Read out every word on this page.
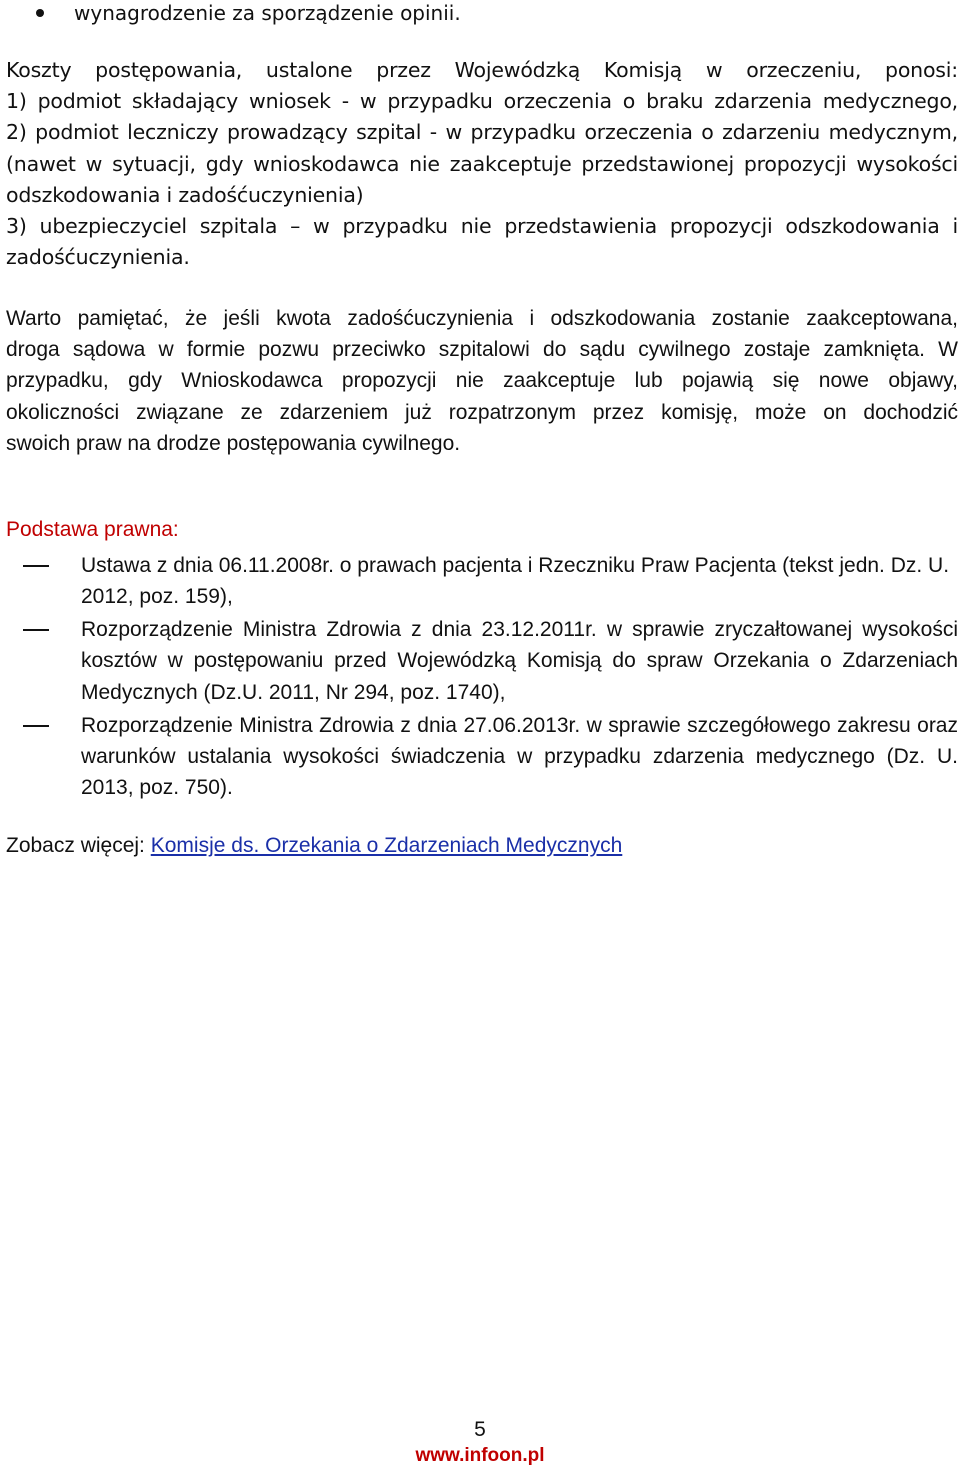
wynagrodzenie za sporządzenie opinii.
Koszty postępowania, ustalone przez Wojewódzką Komisją w orzeczeniu, ponosi:
1) podmiot składający wniosek - w przypadku orzeczenia o braku zdarzenia medycznego,
2) podmiot leczniczy prowadzący szpital - w przypadku orzeczenia o zdarzeniu medycznym,
(nawet w sytuacji, gdy wnioskodawca nie zaakceptuje przedstawionej propozycji wysokości
odszkodowania i zadośćuczynienia)
3) ubezpieczyciel szpitala – w przypadku nie przedstawienia propozycji odszkodowania i
zadośćuczynienia.
Warto pamiętać, że jeśli kwota zadośćuczynienia i odszkodowania zostanie zaakceptowana,
droga sądowa w formie pozwu przeciwko szpitalowi do sądu cywilnego zostaje zamknięta. W
przypadku, gdy Wnioskodawca propozycji nie zaakceptuje lub pojawią się nowe objawy,
okoliczności związane ze zdarzeniem już rozpatrzonym przez komisję, może on dochodzić
swoich praw na drodze postępowania cywilnego.
Podstawa prawna:
Ustawa z dnia 06.11.2008r. o prawach pacjenta i Rzeczniku Praw Pacjenta (tekst jedn. Dz. U. 2012, poz. 159),
Rozporządzenie Ministra Zdrowia z dnia 23.12.2011r. w sprawie zryczałtowanej wysokości kosztów w postępowaniu przed Wojewódzką Komisją do spraw Orzekania o Zdarzeniach Medycznych (Dz.U. 2011, Nr 294, poz. 1740),
Rozporządzenie Ministra Zdrowia z dnia 27.06.2013r. w sprawie szczegółowego zakresu oraz warunków ustalania wysokości świadczenia w przypadku zdarzenia medycznego (Dz. U. 2013, poz. 750).
Zobacz więcej: Komisje ds. Orzekania o Zdarzeniach Medycznych
5
www.infoon.pl
